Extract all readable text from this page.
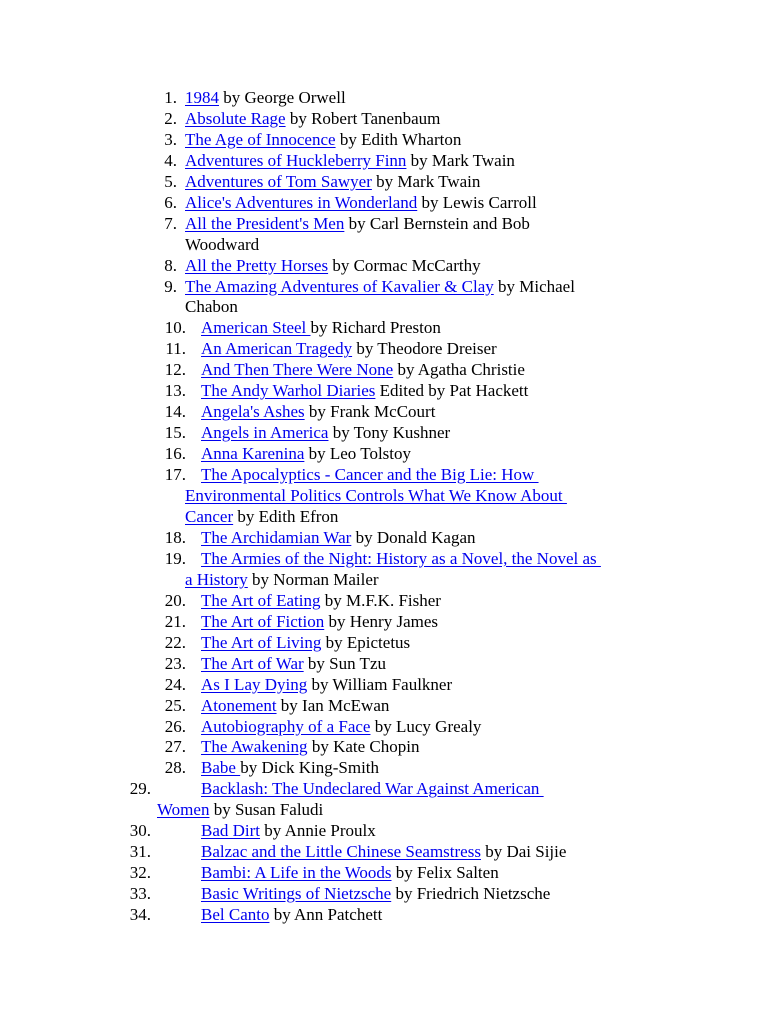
1. 1984 by George Orwell
2. Absolute Rage by Robert Tanenbaum
3. The Age of Innocence by Edith Wharton
4. Adventures of Huckleberry Finn by Mark Twain
5. Adventures of Tom Sawyer by Mark Twain
6. Alice's Adventures in Wonderland by Lewis Carroll
7. All the President's Men by Carl Bernstein and Bob
Woodward
8. All the Pretty Horses by Cormac McCarthy
9. The Amazing Adventures of Kavalier & Clay by Michael
Chabon
10. American Steel by Richard Preston
11. An American Tragedy by Theodore Dreiser
12. And Then There Were None by Agatha Christie
13. The Andy Warhol Diaries Edited by Pat Hackett
14. Angela's Ashes by Frank McCourt
15. Angels in America by Tony Kushner
16. Anna Karenina by Leo Tolstoy
17. The Apocalyptics - Cancer and the Big Lie: How
Environmental Politics Controls What We Know About
Cancer by Edith Efron
18. The Archidamian War by Donald Kagan
19. The Armies of the Night: History as a Novel, the Novel as
a History by Norman Mailer
20. The Art of Eating by M.F.K. Fisher
21. The Art of Fiction by Henry James
22. The Art of Living by Epictetus
23. The Art of War by Sun Tzu
24. As I Lay Dying by William Faulkner
25. Atonement by Ian McEwan
26. Autobiography of a Face by Lucy Grealy
27. The Awakening by Kate Chopin
28. Babe by Dick King-Smith
29.	Backlash: The Undeclared War Against American
Women by Susan Faludi
30.	Bad Dirt by Annie Proulx
31.	Balzac and the Little Chinese Seamstress by Dai Sijie
32.	Bambi: A Life in the Woods by Felix Salten
33.	Basic Writings of Nietzsche by Friedrich Nietzsche
34.	Bel Canto by Ann Patchett
